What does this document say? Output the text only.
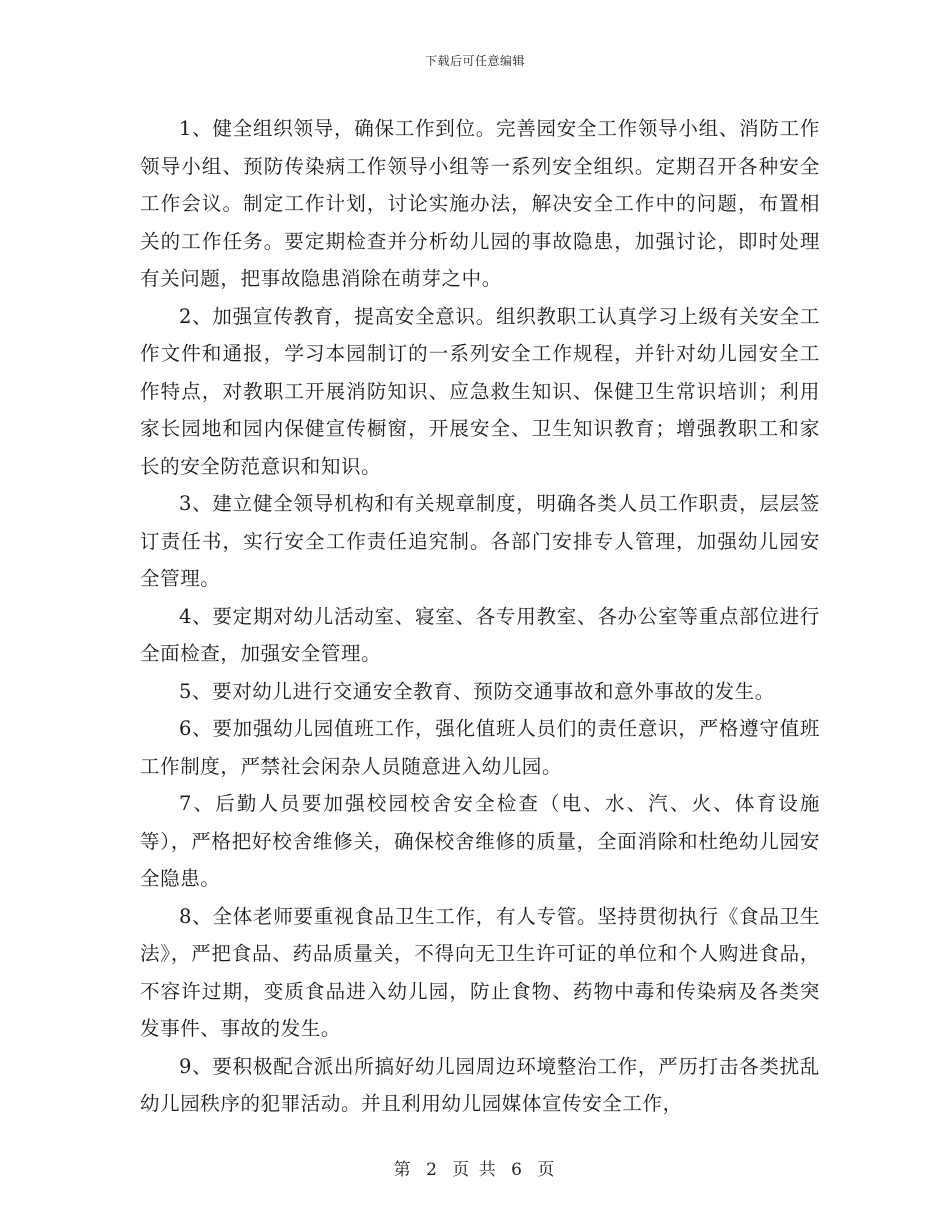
下载后可任意编辑

1、健全组织领导，确保工作到位。完善园安全工作领导小组、消防工作领导小组、预防传染病工作领导小组等一系列安全组织。定期召开各种安全工作会议。制定工作计划，讨论实施办法，解决安全工作中的问题，布置相关的工作任务。要定期检查并分析幼儿园的事故隐患，加强讨论，即时处理有关问题，把事故隐患消除在萌芽之中。

2、加强宣传教育，提高安全意识。组织教职工认真学习上级有关安全工作文件和通报，学习本园制订的一系列安全工作规程，并针对幼儿园安全工作特点，对教职工开展消防知识、应急救生知识、保健卫生常识培训；利用家长园地和园内保健宣传橱窗，开展安全、卫生知识教育；增强教职工和家长的安全防范意识和知识。

3、建立健全领导机构和有关规章制度，明确各类人员工作职责，层层签订责任书，实行安全工作责任追究制。各部门安排专人管理，加强幼儿园安全管理。

4、要定期对幼儿活动室、寝室、各专用教室、各办公室等重点部位进行全面检查，加强安全管理。

5、要对幼儿进行交通安全教育、预防交通事故和意外事故的发生。

6、要加强幼儿园值班工作，强化值班人员们的责任意识，严格遵守值班工作制度，严禁社会闲杂人员随意进入幼儿园。

7、后勤人员要加强校园校舍安全检查（电、水、汽、火、体育设施等），严格把好校舍维修关，确保校舍维修的质量，全面消除和杜绝幼儿园安全隐患。

8、全体老师要重视食品卫生工作，有人专管。坚持贯彻执行《食品卫生法》，严把食品、药品质量关，不得向无卫生许可证的单位和个人购进食品，不容许过期，变质食品进入幼儿园，防止食物、药物中毒和传染病及各类突发事件、事故的发生。

9、要积极配合派出所搞好幼儿园周边环境整治工作，严历打击各类扰乱幼儿园秩序的犯罪活动。并且利用幼儿园媒体宣传安全工作，

第 2 页 共 6 页
